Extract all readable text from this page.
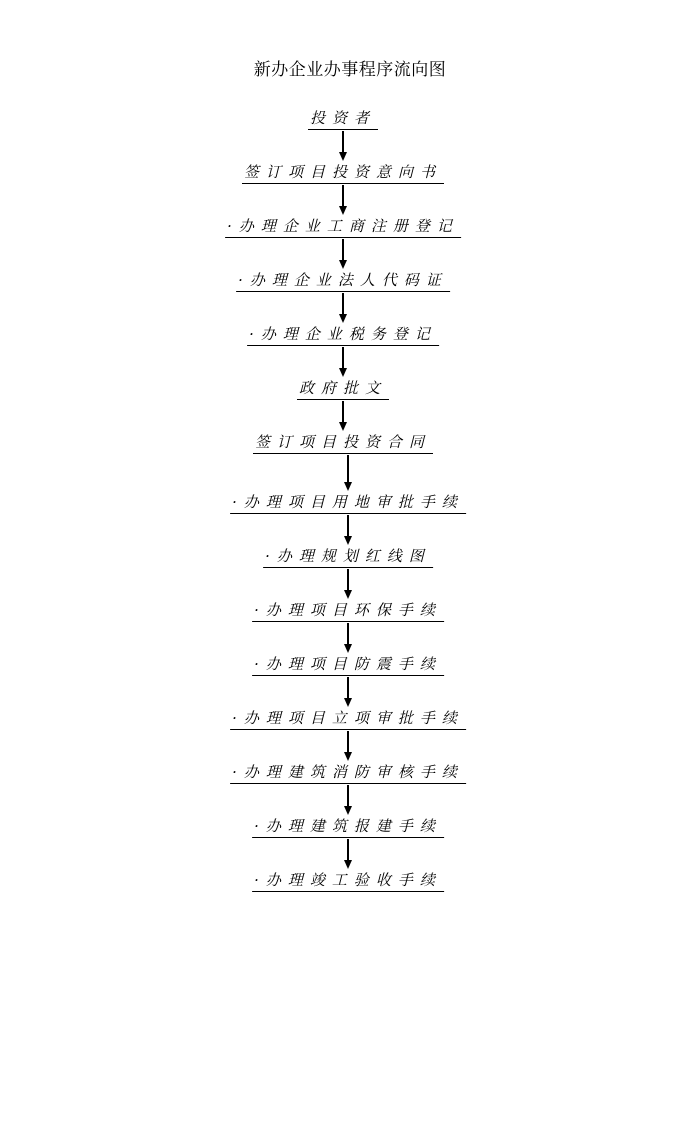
新办企业办事程序流向图
投资者
签订项目投资意向书
·办理企业工商注册登记
·办理企业法人代码证
·办理企业税务登记
政府批文
签订项目投资合同
·办理项目用地审批手续
·办理规划红线图
·办理项目环保手续
·办理项目防震手续
·办理项目立项审批手续
·办理建筑消防审核手续
·办理建筑报建手续
·办理竣工验收手续
